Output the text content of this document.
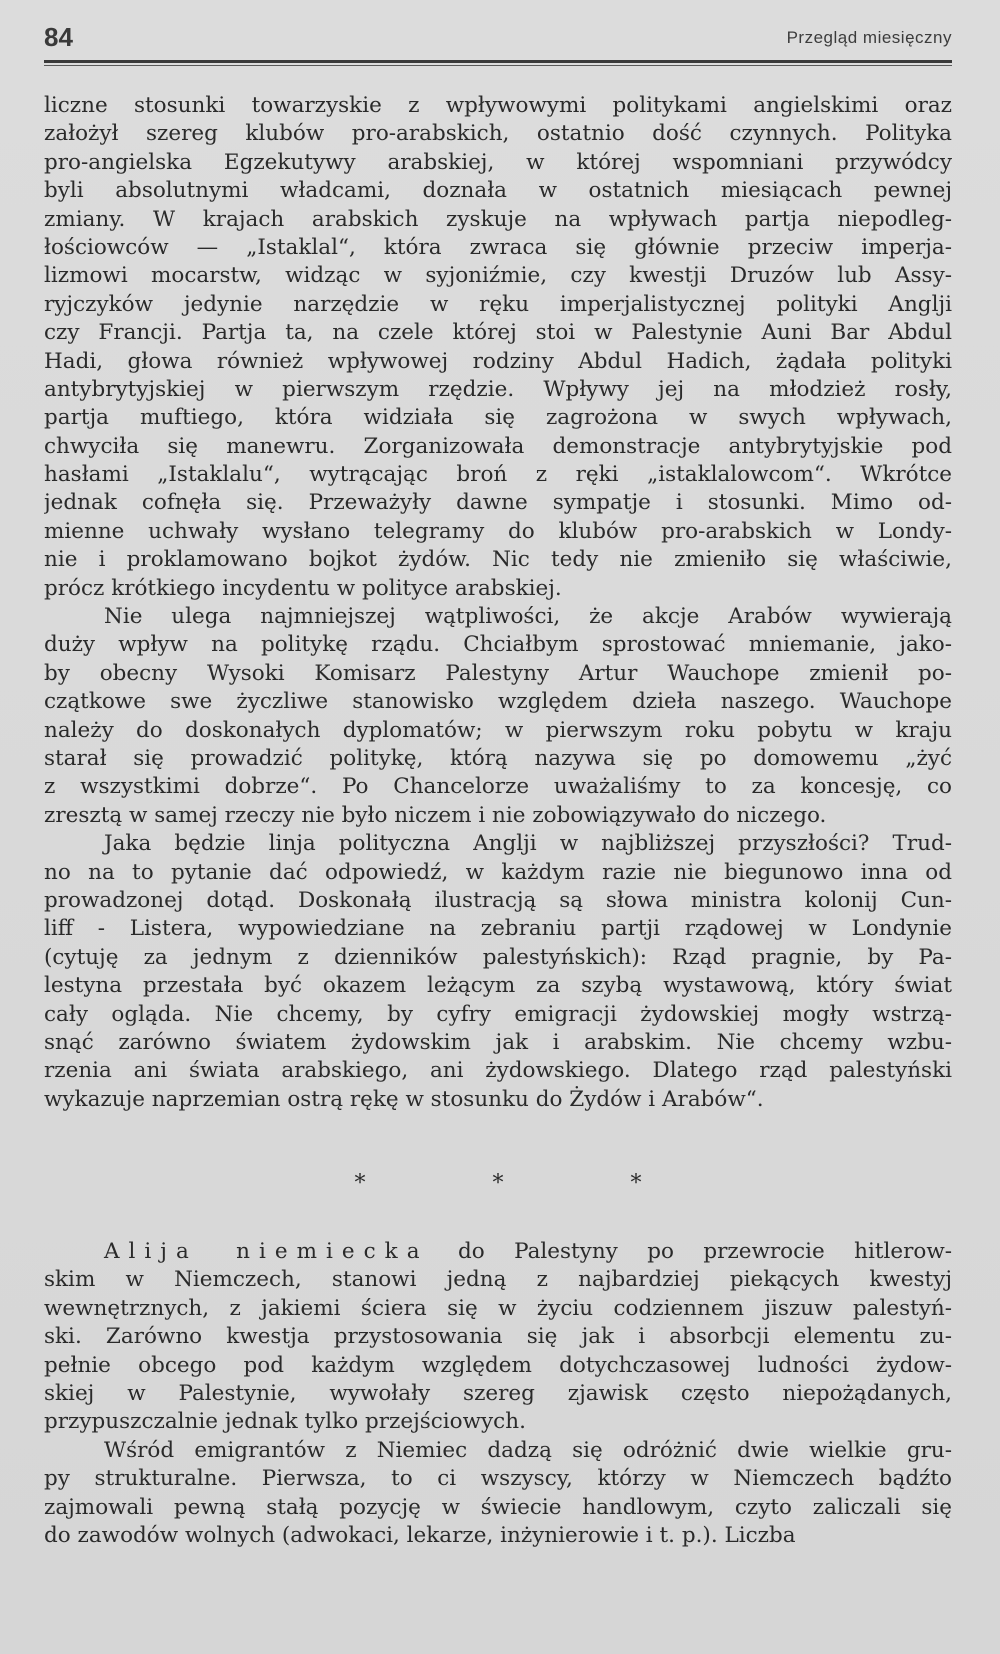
84	Przegląd miesięczny
liczne stosunki towarzyskie z wpływowymi politykami angielskimi oraz
założył szereg klubów pro-arabskich, ostatnio dość czynnych. Polityka
pro-angielska Egzekutywy arabskiej, w której wspomniani przywódcy
byli absolutnymi władcami, doznała w ostatnich miesiącach pewnej
zmiany. W krajach arabskich zyskuje na wpływach partja niepodleg-
łościowców — „Istaklal“, która zwraca się głównie przeciw imperja-
lizmowi mocarstw, widząc w syjoniźmie, czy kwestji Druzów lub Assy-
ryjczyków jedynie narzędzie w ręku imperjalistycznej polityki Anglji
czy Francji. Partja ta, na czele której stoi w Palestynie Auni Bar Abdul
Hadi, głowa również wpływowej rodziny Abdul Hadich, żądała polityki
antybrytyjskiej w pierwszym rzędzie. Wpływy jej na młodzież rosły,
partja muftiego, która widziała się zagrożona w swych wpływach,
chwyciła się manewru. Zorganizowała demonstracje antybrytyjskie pod
hasłami „Istaklalu“, wytrącając broń z ręki „istaklalowcom“. Wkrótce
jednak cofnęła się. Przeważyły dawne sympatje i stosunki. Mimo od-
mienne uchwały wysłano telegramy do klubów pro-arabskich w Londy-
nie i proklamowano bojkot żydów. Nic tedy nie zmieniło się właściwie,
prócz krótkiego incydentu w polityce arabskiej.
Nie ulega najmniejszej wątpliwości, że akcje Arabów wywierają
duży wpływ na politykę rządu. Chciałbym sprostować mniemanie, jako-
by obecny Wysoki Komisarz Palestyny Artur Wauchope zmienił po-
czątkowe swe życzliwe stanowisko względem dzieła naszego. Wauchope
należy do doskonałych dyplomatów; w pierwszym roku pobytu w kraju
starał się prowadzić politykę, którą nazywa się po domowemu „żyć
z wszystkimi dobrze“. Po Chancelorze uważaliśmy to za koncesję, co
zresztą w samej rzeczy nie było niczem i nie zobowiązywało do niczego.
Jaka będzie linja polityczna Anglji w najbliższej przyszłości? Trud-
no na to pytanie dać odpowiedź, w każdym razie nie biegunowo inna od
prowadzonej dotąd. Doskonałą ilustracją są słowa ministra kolonij Cun-
liff - Listera, wypowiedziane na zebraniu partji rządowej w Londynie
(cytuję za jednym z dzienników palestyńskich): Rząd pragnie, by Pa-
lestyna przestała być okazem leżącym za szybą wystawową, który świat
cały ogląda. Nie chcemy, by cyfry emigracji żydowskiej mogły wstrzą-
snąć zarówno światem żydowskim jak i arabskim. Nie chcemy wzbu-
rzenia ani świata arabskiego, ani żydowskiego. Dlatego rząd palestyński
wykazuje naprzemian ostrą rękę w stosunku do Żydów i Arabów“.
* * *
Alija niemiecka do Palestyny po przewrocie hitlerow-
skim w Niemczech, stanowi jedną z najbardziej piekących kwestyj
wewnętrznych, z jakiemi ściera się w życiu codziennem jiszuw palestyń-
ski. Zarówno kwestja przystosowania się jak i absorbcji elementu zu-
pełnie obcego pod każdym względem dotychczasowej ludności żydow-
skiej w Palestynie, wywołały szereg zjawisk często niepożądanych,
przypuszczalnie jednak tylko przejściowych.
Wśród emigrantów z Niemiec dadzą się odróżnić dwie wielkie gru-
py strukturalne. Pierwsza, to ci wszyscy, którzy w Niemczech bądźto
zajmowali pewną stałą pozycję w świecie handlowym, czyto zaliczali się
do zawodów wolnych (adwokaci, lekarze, inżynierowie i t. p.). Liczba
